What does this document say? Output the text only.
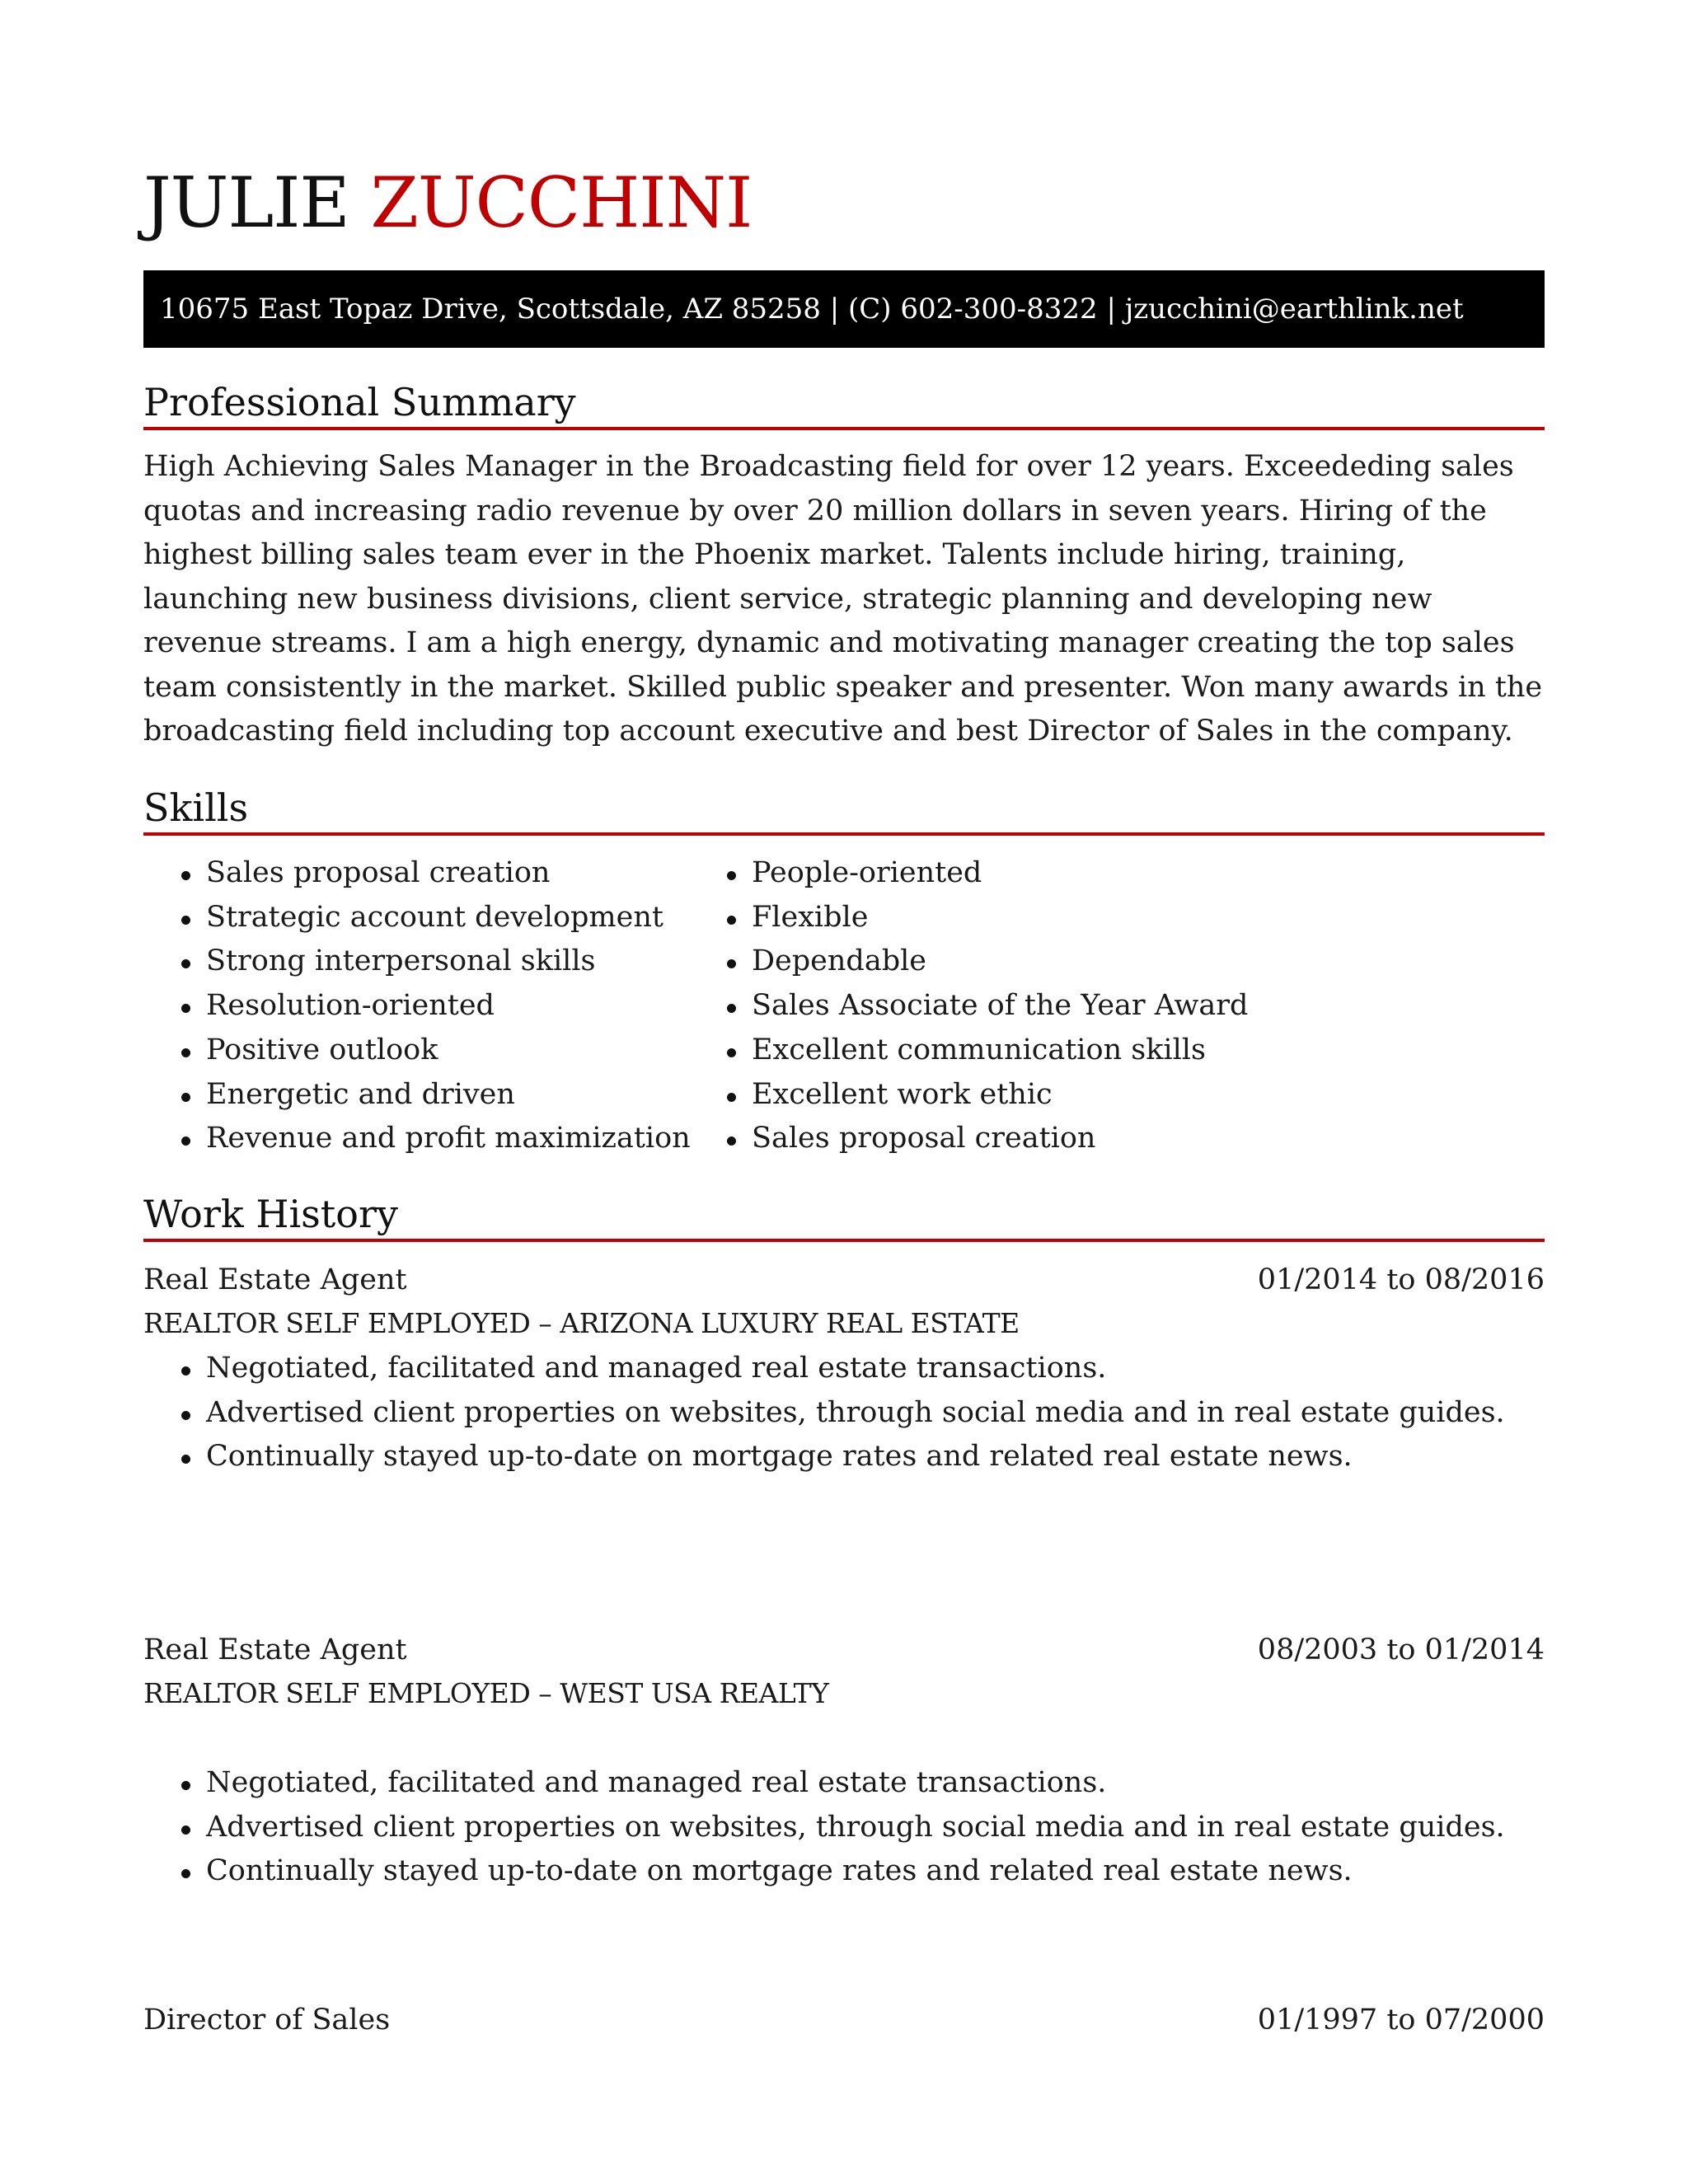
JULIE ZUCCHINI
10675 East Topaz Drive, Scottsdale, AZ 85258 | (C) 602-300-8322 | jzucchini@earthlink.net
Professional Summary
High Achieving Sales Manager in the Broadcasting field for over 12 years. Exceededing sales quotas and increasing radio revenue by over 20 million dollars in seven years. Hiring of the highest billing sales team ever in the Phoenix market. Talents include hiring, training, launching new business divisions, client service, strategic planning and developing new revenue streams. I am a high energy, dynamic and motivating manager creating the top sales team consistently in the market. Skilled public speaker and presenter. Won many awards in the broadcasting field including top account executive and best Director of Sales in the company.
Skills
Sales proposal creation
Strategic account development
Strong interpersonal skills
Resolution-oriented
Positive outlook
Energetic and driven
Revenue and profit maximization
People-oriented
Flexible
Dependable
Sales Associate of the Year Award
Excellent communication skills
Excellent work ethic
Sales proposal creation
Work History
Real Estate Agent	01/2014 to 08/2016
REALTOR SELF EMPLOYED – ARIZONA LUXURY REAL ESTATE
Negotiated, facilitated and managed real estate transactions.
Advertised client properties on websites, through social media and in real estate guides.
Continually stayed up-to-date on mortgage rates and related real estate news.
Real Estate Agent	08/2003 to 01/2014
REALTOR SELF EMPLOYED – WEST USA REALTY
Negotiated, facilitated and managed real estate transactions.
Advertised client properties on websites, through social media and in real estate guides.
Continually stayed up-to-date on mortgage rates and related real estate news.
Director of Sales	01/1997 to 07/2000
